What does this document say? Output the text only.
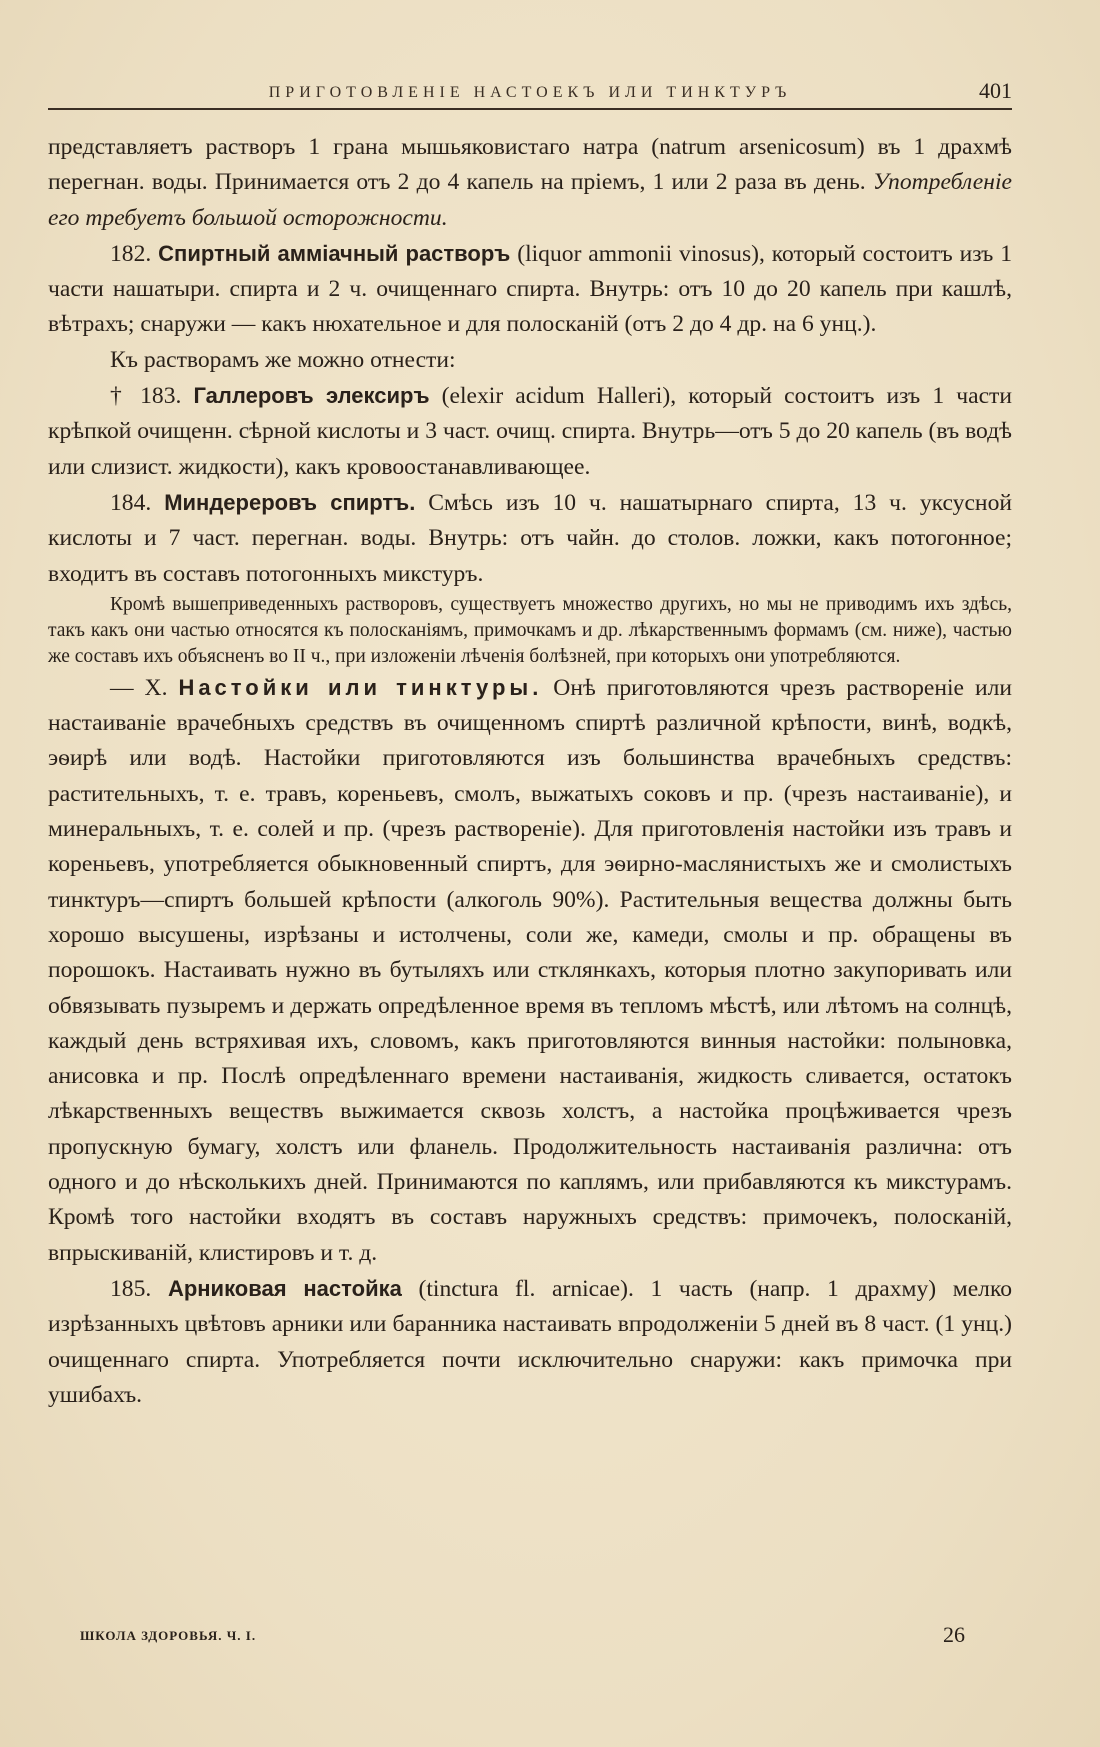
ПРИГОТОВЛЕНІЕ НАСТОЕКЪ ИЛИ ТИНКТУРЪ	401

представляетъ растворъ 1 грана мышьяковистаго натра (natrum arsenicosum) въ 1 драхмѣ перегнан. воды. Принимается отъ 2 до 4 капель на пріемъ, 1 или 2 раза въ день. Употребленіе его требуетъ большой осторожности.

182. Спиртный амміачный растворъ (liquor ammonii vinosus), который состоитъ изъ 1 части нашатыри. спирта и 2 ч. очищеннаго спирта. Внутрь: отъ 10 до 20 капель при кашлѣ, вѣтрахъ; снаружи — какъ нюхательное и для полосканій (отъ 2 до 4 др. на 6 унц.).

Къ растворамъ же можно отнести:

† 183. Галлеровъ элексиръ (elexir acidum Halleri), который состоитъ изъ 1 части крѣпкой очищенн. сѣрной кислоты и 3 част. очищ. спирта. Внутрь—отъ 5 до 20 капель (въ водѣ или слизист. жидкости), какъ кровоостанавливающее.

184. Миндереровъ спиртъ. Смѣсь изъ 10 ч. нашатырнаго спирта, 13 ч. уксусной кислоты и 7 част. перегнан. воды. Внутрь: отъ чайн. до столов. ложки, какъ потогонное; входитъ въ составъ потогонныхъ микстуръ.

Кромѣ вышеприведенныхъ растворовъ, существуетъ множество другихъ, но мы не приводимъ ихъ здѣсь, такъ какъ они частью относятся къ полосканіямъ, примочкамъ и др. лѣкарственнымъ формамъ (см. ниже), частью же составъ ихъ объясненъ во II ч., при изложеніи лѣченія болѣзней, при которыхъ они употребляются.

— X. Настойки или тинктуры. Онѣ приготовляются чрезъ раствореніе или настаиваніе врачебныхъ средствъ въ очищенномъ спиртѣ различной крѣпости, винѣ, водкѣ, эѳирѣ или водѣ. Настойки приготовляются изъ большинства врачебныхъ средствъ: растительныхъ, т. е. травъ, кореньевъ, смолъ, выжатыхъ соковъ и пр. (чрезъ настаиваніе), и минеральныхъ, т. е. солей и пр. (чрезъ раствореніе). Для приготовленія настойки изъ травъ и кореньевъ, употребляется обыкновенный спиртъ, для эѳирно-маслянистыхъ же и смолистыхъ тинктуръ—спиртъ большей крѣпости (алкоголь 90%). Растительныя вещества должны быть хорошо высушены, изрѣзаны и истолчены, соли же, камеди, смолы и пр. обращены въ порошокъ. Настаивать нужно въ бутыляхъ или стклянкахъ, которыя плотно закупоривать или обвязывать пузыремъ и держать опредѣленное время въ тепломъ мѣстѣ, или лѣтомъ на солнцѣ, каждый день встряхивая ихъ, словомъ, какъ приготовляются винныя настойки: полыновка, анисовка и пр. Послѣ опредѣленнаго времени настаиванія, жидкость сливается, остатокъ лѣкарственныхъ веществъ выжимается сквозь холстъ, а настойка процѣживается чрезъ пропускную бумагу, холстъ или фланель. Продолжительность настаиванія различна: отъ одного и до нѣсколькихъ дней. Принимаются по каплямъ, или прибавляются къ микстурамъ. Кромѣ того настойки входятъ въ составъ наружныхъ средствъ: примочекъ, полосканій, впрыскиваній, клистировъ и т. д.

185. Арниковая настойка (tinctura fl. arnicae). 1 часть (напр. 1 драхму) мелко изрѣзанныхъ цвѣтовъ арники или баранника настаивать впродолженіи 5 дней въ 8 част. (1 унц.) очищеннаго спирта. Употребляется почти исключительно снаружи: какъ примочка при ушибахъ.

ШКОЛА ЗДОРОВЬЯ. Ч. I.	26
